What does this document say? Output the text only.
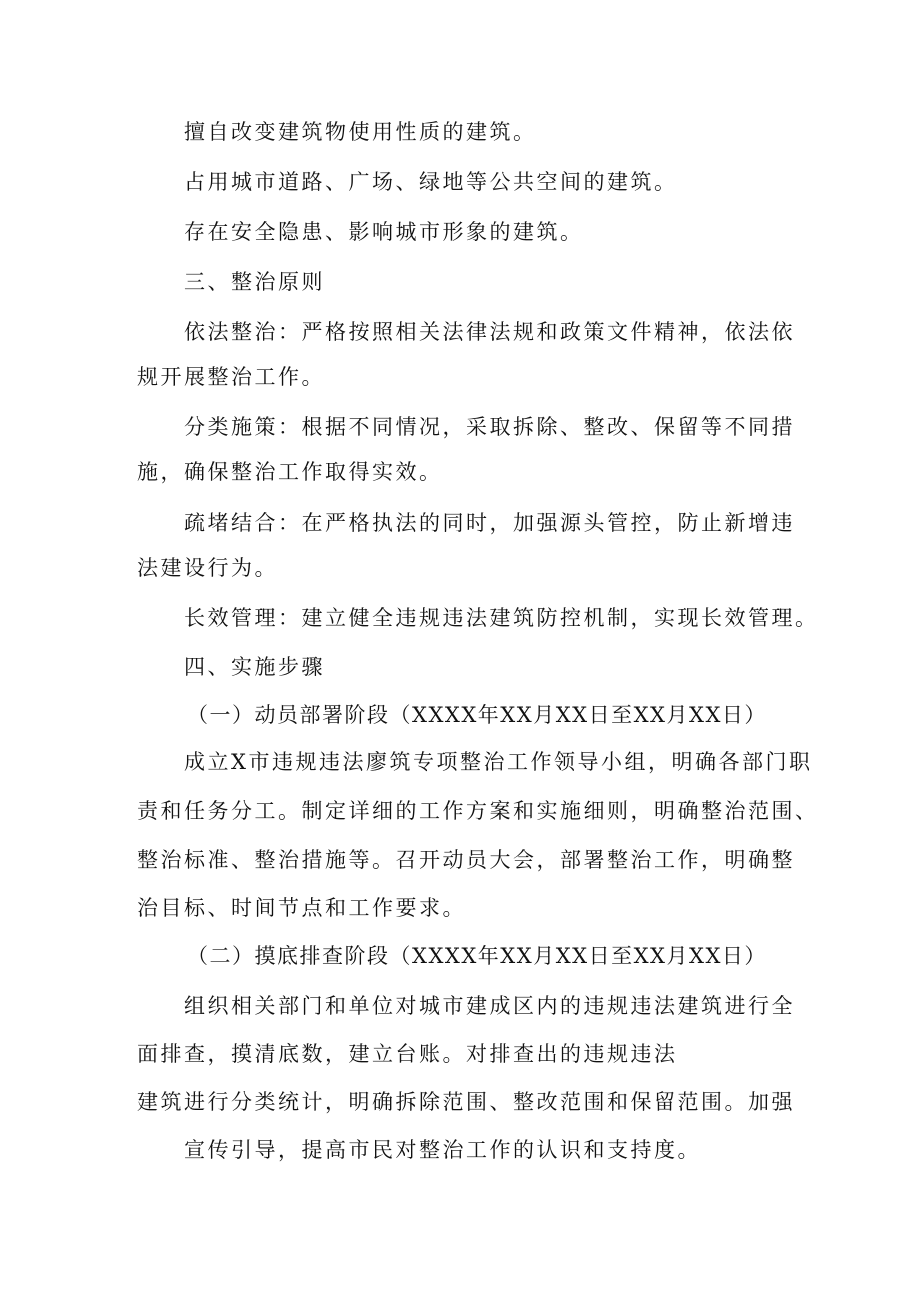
擅自改变建筑物使用性质的建筑。
占用城市道路、广场、绿地等公共空间的建筑。
存在安全隐患、影响城市形象的建筑。
三、整治原则
依法整治：严格按照相关法律法规和政策文件精神，依法依
规开展整治工作。
分类施策：根据不同情况，采取拆除、整改、保留等不同措
施，确保整治工作取得实效。
疏堵结合：在严格执法的同时，加强源头管控，防止新增违
法建设行为。
长效管理：建立健全违规违法建筑防控机制，实现长效管理。
四、实施步骤
（一）动员部署阶段（XXXX年XX月XX日至XX月XX日）
成立X市违规违法廖筑专项整治工作领导小组，明确各部门职
责和任务分工。制定详细的工作方案和实施细则，明确整治范围、
整治标准、整治措施等。召开动员大会，部署整治工作，明确整
治目标、时间节点和工作要求。
（二）摸底排查阶段（XXXX年XX月XX日至XX月XX日）
组织相关部门和单位对城市建成区内的违规违法建筑进行全
面排查，摸清底数，建立台账。对排查出的违规违法
建筑进行分类统计，明确拆除范围、整改范围和保留范围。加强
宣传引导，提高市民对整治工作的认识和支持度。
